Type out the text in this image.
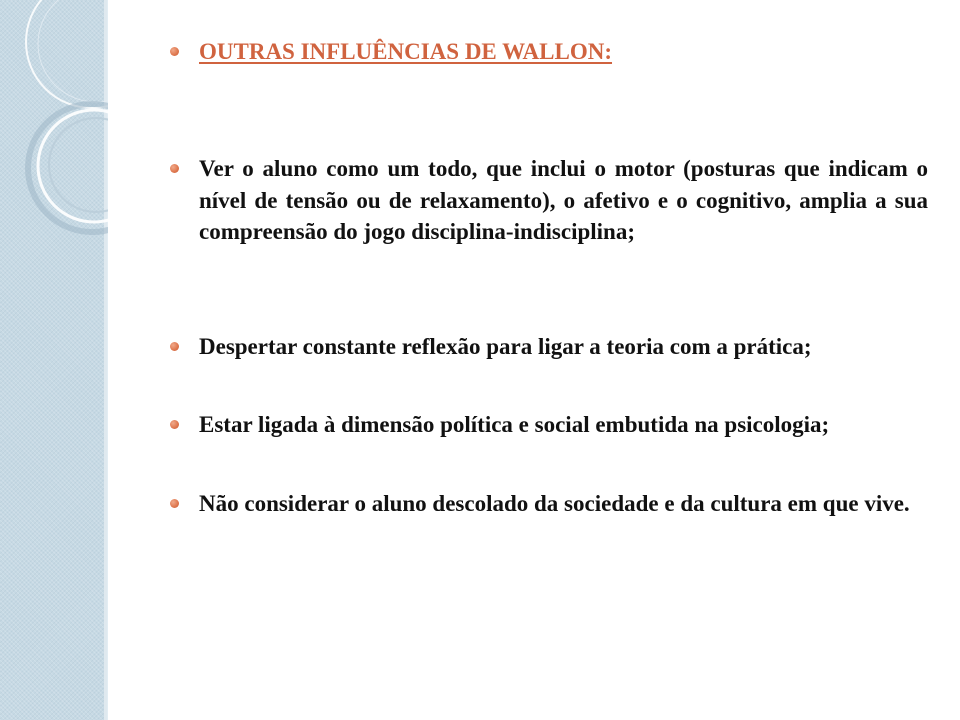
OUTRAS INFLUÊNCIAS DE WALLON:
Ver o aluno como um todo, que inclui o motor (posturas que indicam o nível de tensão ou de relaxamento), o afetivo e o cognitivo, amplia a sua compreensão do jogo disciplina-indisciplina;
Despertar constante reflexão para ligar a teoria com a prática;
Estar ligada à dimensão política e social embutida na psicologia;
Não considerar o aluno descolado da sociedade e da cultura em que vive.
